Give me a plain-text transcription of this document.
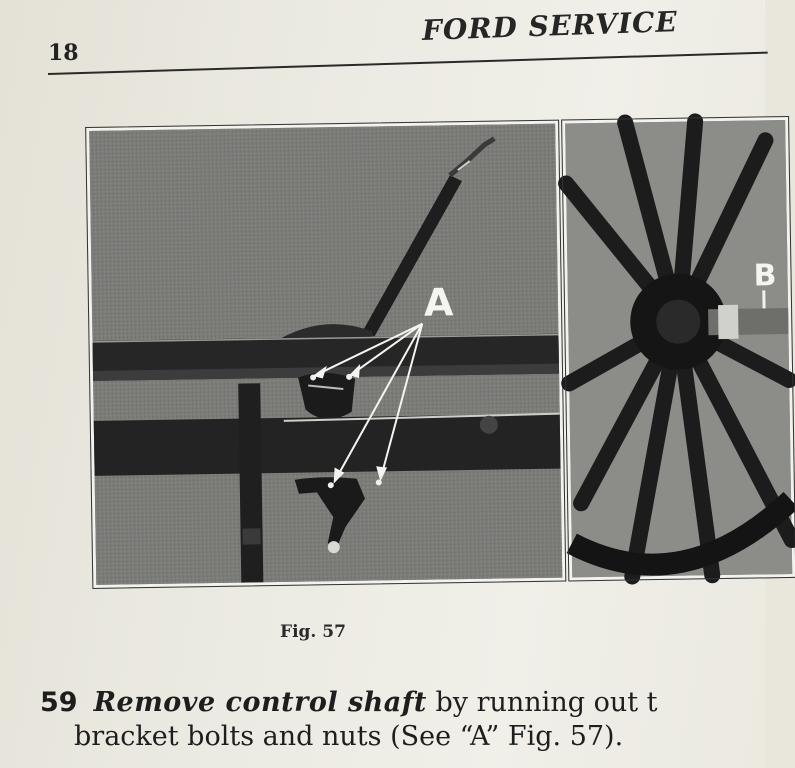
18
FORD SERVICE
A
B
Fig. 57

59 Remove control shaft by running out t
bracket bolts and nuts (See “A” Fig. 57).
